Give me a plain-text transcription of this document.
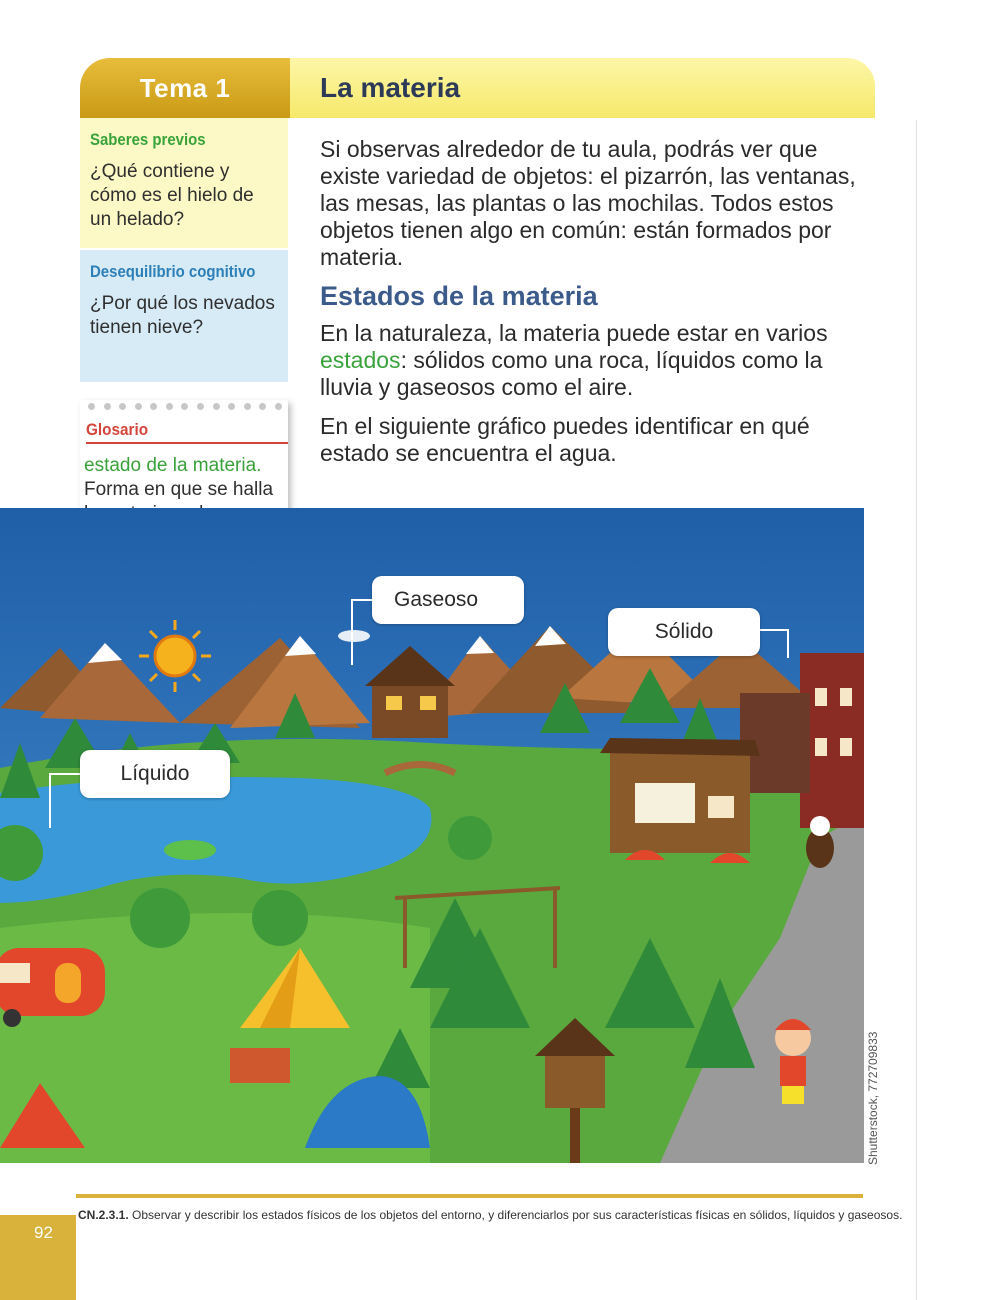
Tema 1	La materia
Saberes previos
¿Qué contiene y cómo es el hielo de un helado?
Desequilibrio cognitivo
¿Por qué los nevados tienen nieve?
Glosario
estado de la materia. Forma en que se halla

Si observas alrededor de tu aula, podrás ver que existe variedad de objetos: el pizarrón, las ventanas, las mesas, las plantas o las mochilas. Todos estos objetos tienen algo en común: están formados por materia.

Estados de la materia

En la naturaleza, la materia puede estar en varios estados: sólidos como una roca, líquidos como la lluvia y gaseosos como el aire.

En el siguiente gráfico puedes identificar en qué estado se encuentra el agua.

Gaseoso
Sólido
Líquido
Shutterstock, 772709833
CN.2.3.1. Observar y describir los estados físicos de los objetos del entorno, y diferenciarlos por sus características físicas en sólidos, líquidos y gaseosos.
92
